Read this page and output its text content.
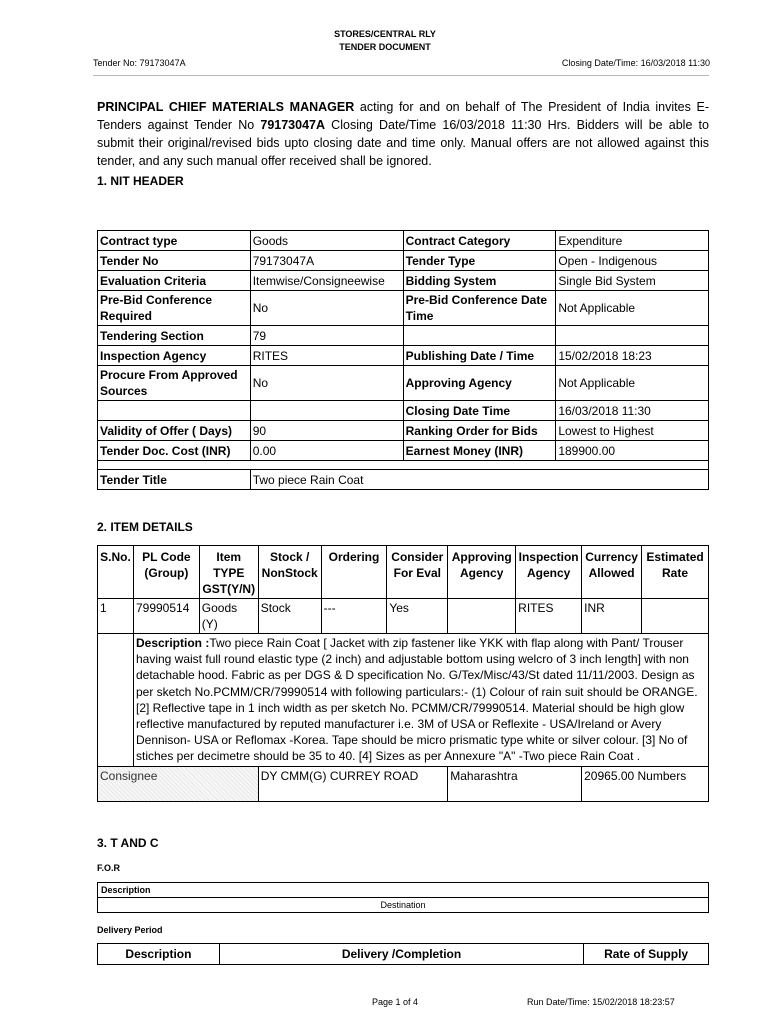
STORES/CENTRAL RLY
TENDER DOCUMENT
Tender No: 79173047A	Closing Date/Time: 16/03/2018 11:30
PRINCIPAL CHIEF MATERIALS MANAGER acting for and on behalf of The President of India invites E-Tenders against Tender No 79173047A Closing Date/Time 16/03/2018 11:30 Hrs. Bidders will be able to submit their original/revised bids upto closing date and time only. Manual offers are not allowed against this tender, and any such manual offer received shall be ignored.
1. NIT HEADER
Contract type	Goods	Contract Category	Expenditure
Tender No	79173047A	Tender Type	Open - Indigenous
Evaluation Criteria	Itemwise/Consigneewise	Bidding System	Single Bid System
Pre-Bid Conference Required	No	Pre-Bid Conference Date Time	Not Applicable
Tendering Section	79		
Inspection Agency	RITES	Publishing Date / Time	15/02/2018 18:23
Procure From Approved Sources	No	Approving Agency	Not Applicable
		Closing Date Time	16/03/2018 11:30
Validity of Offer ( Days)	90	Ranking Order for Bids	Lowest to Highest
Tender Doc. Cost (INR)	0.00	Earnest Money (INR)	189900.00

Tender Title	Two piece Rain Coat		
2. ITEM DETAILS
S.No.	PL Code (Group)	Item TYPE GST(Y/N)	Stock / NonStock	Ordering	Consider For Eval	Approving Agency	Inspection Agency	Currency Allowed	Estimated Rate
1	79990514	Goods (Y)	Stock	---	Yes		RITES	INR	
	Description :Two piece Rain Coat [ Jacket with zip fastener like YKK with flap along with Pant/ Trouser having waist full round elastic type (2 inch) and adjustable bottom using welcro of 3 inch length] with non detachable hood. Fabric as per DGS & D specification No. G/Tex/Misc/43/St dated 11/11/2003. Design as per sketch No.PCMM/CR/79990514 with following particulars:- (1) Colour of rain suit should be ORANGE. [2] Reflective tape in 1 inch width as per sketch No. PCMM/CR/79990514. Material should be high glow reflective manufactured by reputed manufacturer i.e. 3M of USA or Reflexite - USA/Ireland or Avery Dennison- USA or Reflomax -Korea. Tape should be micro prismatic type white or silver colour. [3] No of stiches per decimetre should be 35 to 40. [4] Sizes as per Annexure "A" -Two piece Rain Coat .								
Consignee			DY CMM(G) CURREY ROAD			Maharashtra		20965.00 Numbers	
3. T AND C
F.O.R
Description
Destination
Delivery Period
Description	Delivery /Completion	Rate of Supply
Page 1 of 4	Run Date/Time: 15/02/2018 18:23:57
